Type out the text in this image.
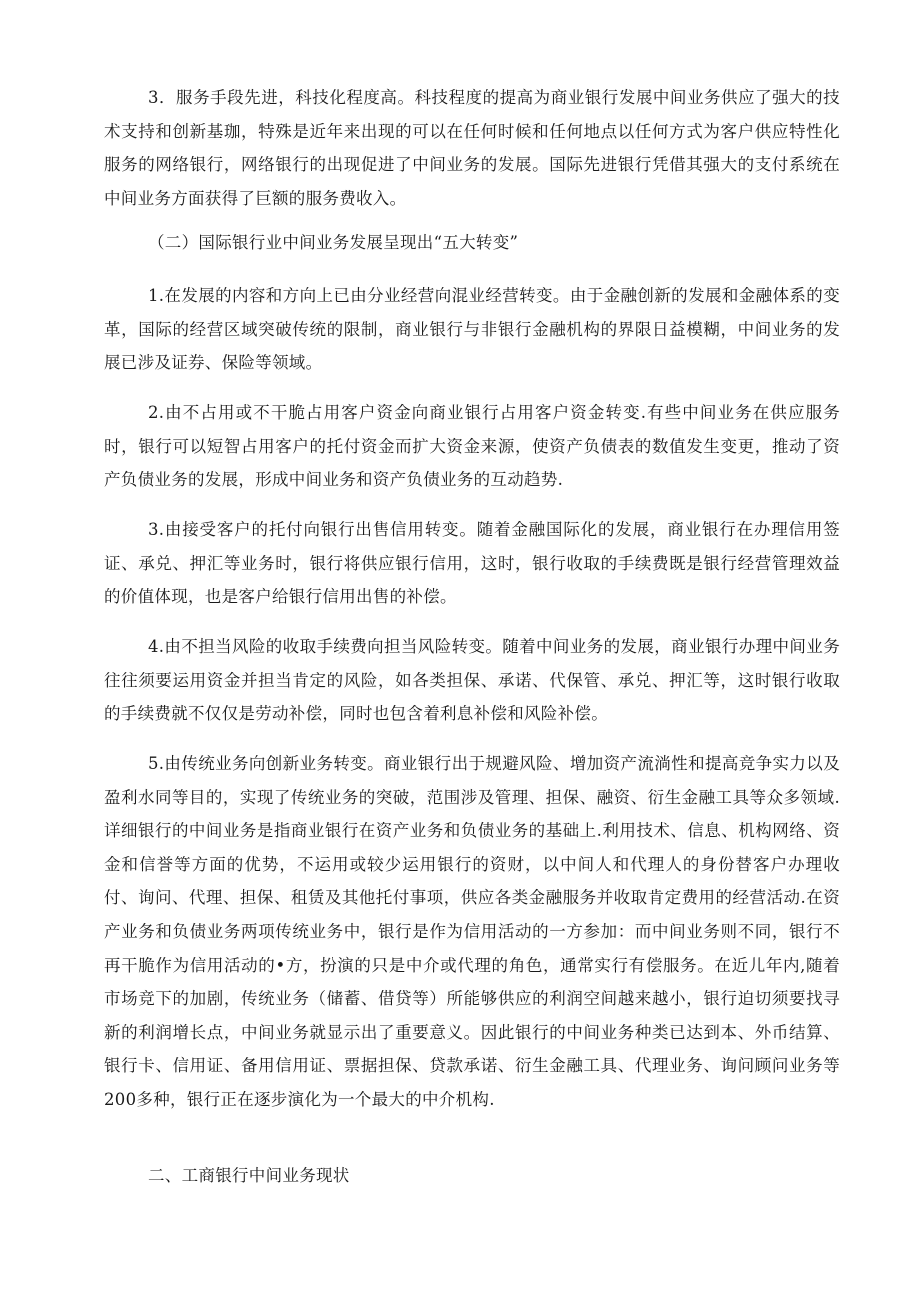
3．服务手段先进，科技化程度高。科技程度的提高为商业银行发展中间业务供应了强大的技术支持和创新基珈，特殊是近年来出现的可以在任何时候和任何地点以任何方式为客户供应特性化服务的网络银行，网络银行的出现促进了中间业务的发展。国际先进银行凭借其强大的支付系统在中间业务方面获得了巨额的服务费收入。

（二）国际银行业中间业务发展呈现出“五大转变”

1.在发展的内容和方向上已由分业经营向混业经营转变。由于金融创新的发展和金融体系的变革，国际的经营区域突破传统的限制，商业银行与非银行金融机构的界限日益模糊，中间业务的发展已涉及证券、保险等领域。

2.由不占用或不干脆占用客户资金向商业银行占用客户资金转变.有些中间业务在供应服务时，银行可以短智占用客户的托付资金而扩大资金来源，使资产负债表的数值发生变更，推动了资产负债业务的发展，形成中间业务和资产负债业务的互动趋势.

3.由接受客户的托付向银行出售信用转变。随着金融国际化的发展，商业银行在办理信用签证、承兑、押汇等业务时，银行将供应银行信用，这时，银行收取的手续费既是银行经营管理效益的价值体现，也是客户给银行信用出售的补偿。

4.由不担当风险的收取手续费向担当风险转变。随着中间业务的发展，商业银行办理中间业务往往须要运用资金并担当肯定的风险，如各类担保、承诺、代保管、承兑、押汇等，这时银行收取的手续费就不仅仅是劳动补偿，同时也包含着利息补偿和风险补偿。

5.由传统业务向创新业务转变。商业银行出于规避风险、增加资产流淌性和提高竞争实力以及盈利水同等目的，实现了传统业务的突破，范围涉及管理、担保、融资、衍生金融工具等众多领域.详细银行的中间业务是指商业银行在资产业务和负债业务的基础上.利用技术、信息、机构网络、资金和信誉等方面的优势，不运用或较少运用银行的资财，以中间人和代理人的身份替客户办理收付、询问、代理、担保、租赁及其他托付事项，供应各类金融服务并收取肯定费用的经营活动.在资产业务和负债业务两项传统业务中，银行是作为信用活动的一方参加：而中间业务则不同，银行不再干脆作为信用活动的•方，扮演的只是中介或代理的角色，通常实行有偿服务。在近儿年内,随着市场竞下的加剧，传统业务（储蓄、借贷等）所能够供应的利润空间越来越小，银行迫切须要找寻新的利润增长点，中间业务就显示出了重要意义。因此银行的中间业务种类已达到本、外币结算、银行卡、信用证、备用信用证、票据担保、贷款承诺、衍生金融工具、代理业务、询问顾问业务等200多种，银行正在逐步演化为一个最大的中介机构.

二、工商银行中间业务现状
